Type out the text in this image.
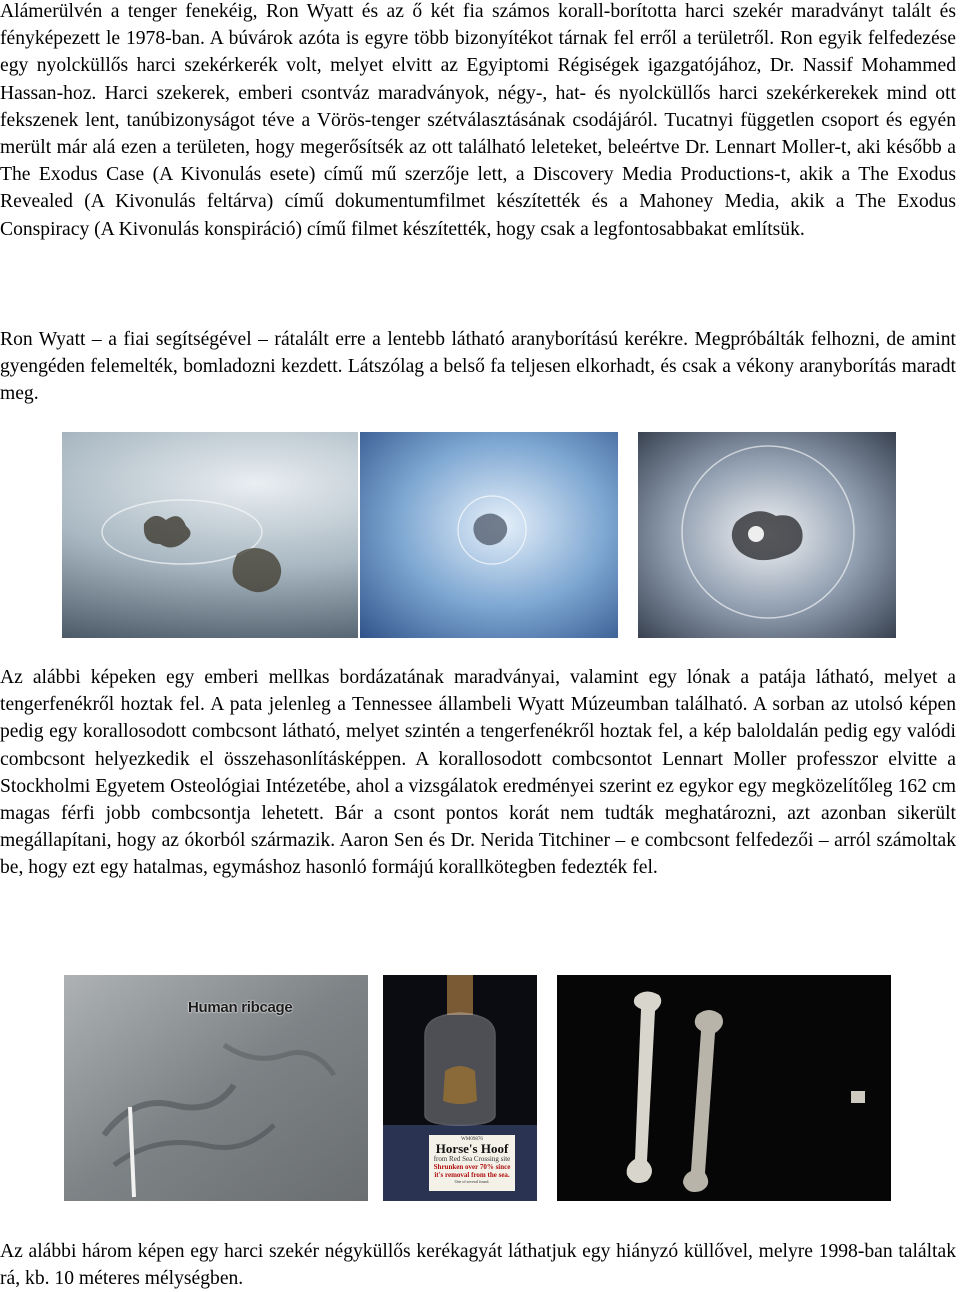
Alámerülvén a tenger fenekéig, Ron Wyatt és az ő két fia számos korall-borította harci szekér maradványt talált és fényképezett le 1978-ban. A búvárok azóta is egyre több bizonyítékot tárnak fel erről a területről. Ron egyik felfedezése egy nyolcküllős harci szekérkerék volt, melyet elvitt az Egyiptomi Régiségek igazgatójához, Dr. Nassif Mohammed Hassan-hoz. Harci szekerek, emberi csontváz maradványok, négy-, hat- és nyolcküllős harci szekérkerekek mind ott fekszenek lent, tanúbizonyságot téve a Vörös-tenger szétválasztásának csodájáról. Tucatnyi független csoport és egyén merült már alá ezen a területen, hogy megerősítsék az ott található leleteket, beleértve Dr. Lennart Moller-t, aki később a The Exodus Case (A Kivonulás esete) című mű szerzője lett, a Discovery Media Productions-t, akik a The Exodus Revealed (A Kivonulás feltárva) című dokumentumfilmet készítették és a Mahoney Media, akik a The Exodus Conspiracy (A Kivonulás konspiráció) című filmet készítették, hogy csak a legfontosabbakat említsük.

Ron Wyatt – a fiai segítségével – rátalált erre a lentebb látható aranyborítású kerékre. Megpróbálták felhozni, de amint gyengéden felemelték, bomladozni kezdett. Látszólag a belső fa teljesen elkorhadt, és csak a vékony aranyborítás maradt meg.

Az alábbi képeken egy emberi mellkas bordázatának maradványai, valamint egy lónak a patája látható, melyet a tengerfenékről hoztak fel. A pata jelenleg a Tennessee állambeli Wyatt Múzeumban található. A sorban az utolsó képen pedig egy korallosodott combcsont látható, melyet szintén a tengerfenékről hoztak fel, a kép baloldalán pedig egy valódi combcsont helyezkedik el összehasonlításképpen. A korallosodott combcsontot Lennart Moller professzor elvitte a Stockholmi Egyetem Osteológiai Intézetébe, ahol a vizsgálatok eredményei szerint ez egykor egy megközelítőleg 162 cm magas férfi jobb combcsontja lehetett. Bár a csont pontos korát nem tudták meghatározni, azt azonban sikerült megállapítani, hogy az ókorból származik. Aaron Sen és Dr. Nerida Titchiner – e combcsont felfedezői – arról számoltak be, hogy ezt egy hatalmas, egymáshoz hasonló formájú korallkötegben fedezték fel.

Human ribcage
WM09876
Horse's Hoof
from Red Sea Crossing site
Shrunken over 70% since
it's removal from the sea.
One of several found.

Az alábbi három képen egy harci szekér négyküllős kerékagyát láthatjuk egy hiányzó küllővel, melyre 1998-ban találtak rá, kb. 10 méteres mélységben.
